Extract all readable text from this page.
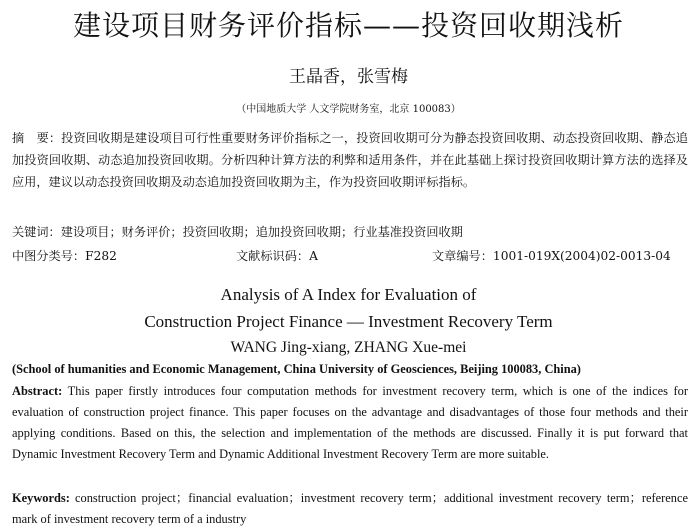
建设项目财务评价指标——投资回收期浅析
王晶香，张雪梅
（中国地质大学 人文学院财务室，北京 100083）
摘　要：投资回收期是建设项目可行性重要财务评价指标之一，投资回收期可分为静态投资回收期、动态投资回收期、静态追加投资回收期、动态追加投资回收期。分析四种计算方法的利弊和适用条件，并在此基础上探讨投资回收期计算方法的选择及应用，建议以动态投资回收期及动态追加投资回收期为主，作为投资回收期评标指标。
关键词：建设项目；财务评价；投资回收期；追加投资回收期；行业基准投资回收期
中图分类号：F282	文献标识码：A	文章编号：1001-019X(2004)02-0013-04
Analysis of A Index for Evaluation of
Construction Project Finance — Investment Recovery Term
WANG Jing-xiang, ZHANG Xue-mei
(School of humanities and Economic Management, China University of Geosciences, Beijing 100083, China)
Abstract: This paper firstly introduces four computation methods for investment recovery term, which is one of the indices for evaluation of construction project finance. This paper focuses on the advantage and disadvantages of those four methods and their applying conditions. Based on this, the selection and implementation of the methods are discussed. Finally it is put forward that Dynamic Investment Recovery Term and Dynamic Additional Investment Recovery Term are more suitable.
Keywords: construction project；financial evaluation；investment recovery term；additional investment recovery term；reference mark of investment recovery term of a industry
